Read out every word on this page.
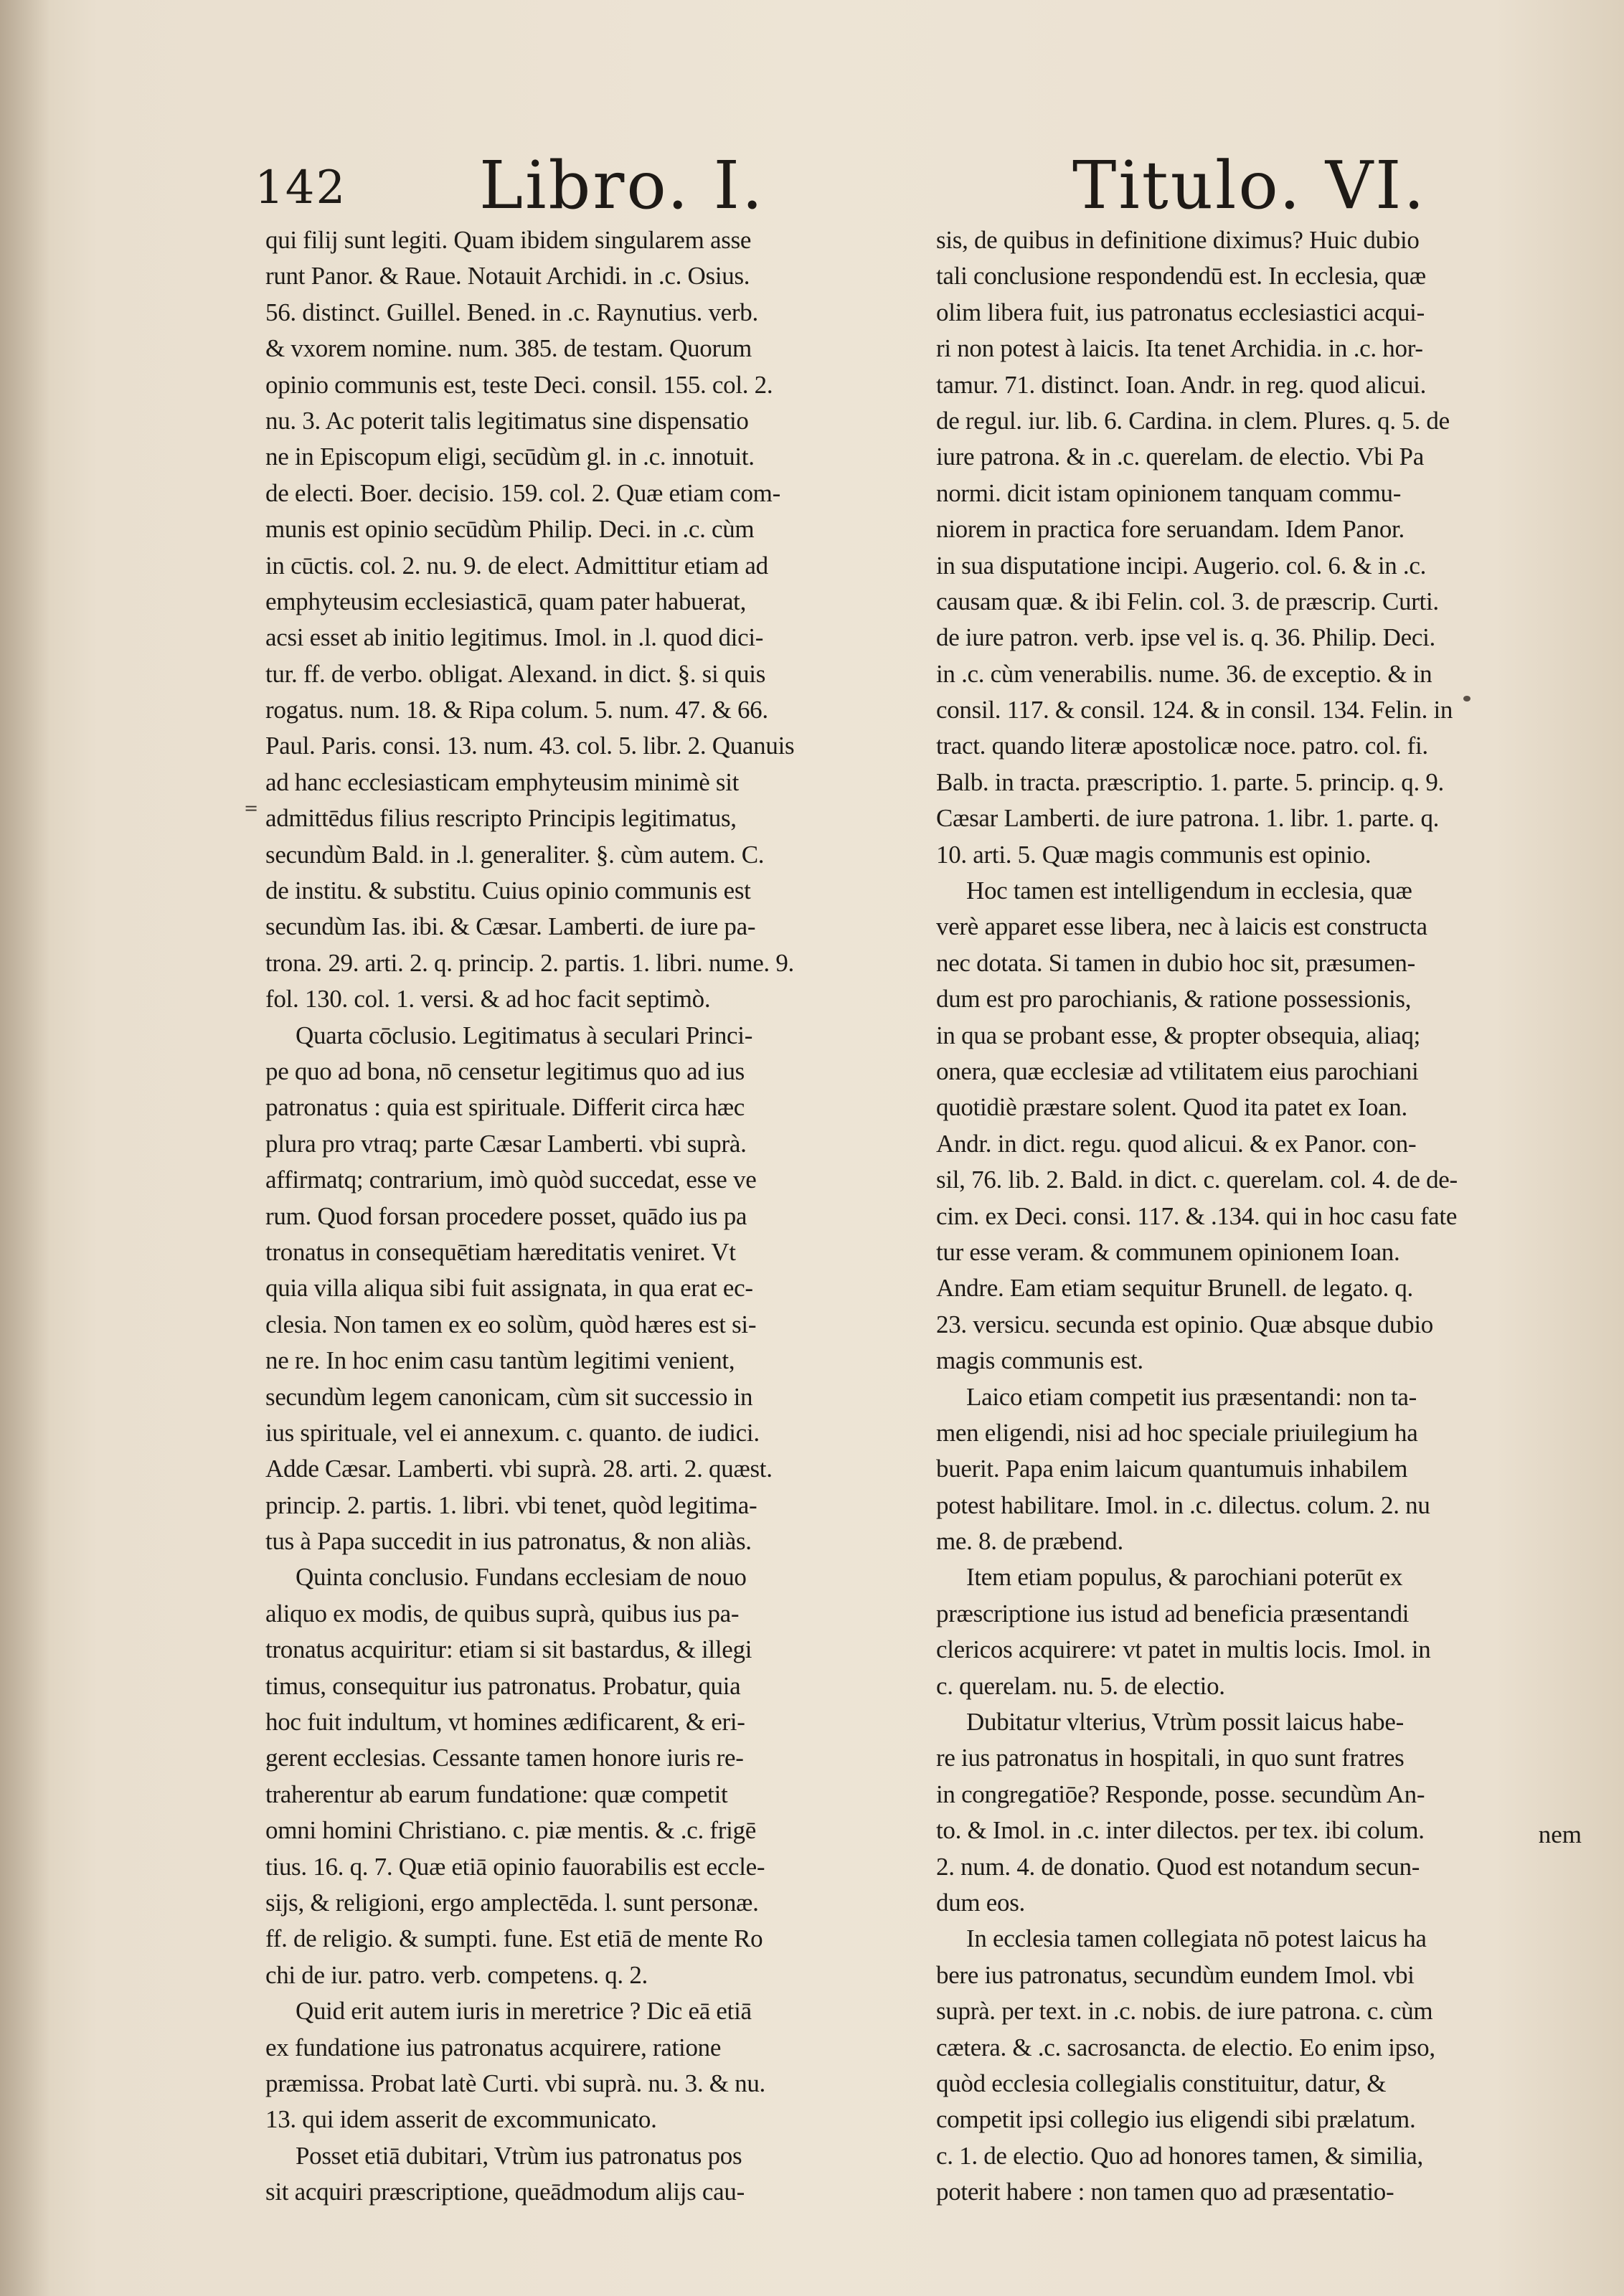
142 Libro. I.	Titulo. VI.
=
qui filij sunt legiti. Quam ibidem singularem asse
runt Panor. & Raue. Notauit Archidi. in .c. Osius.
56. distinct. Guillel. Bened. in .c. Raynutius. verb.
& vxorem nomine. num. 385. de testam. Quorum
opinio communis est, teste Deci. consil. 155. col. 2.
nu. 3. Ac poterit talis legitimatus sine dispensatio
ne in Episcopum eligi, secūdùm gl. in .c. innotuit.
de electi. Boer. decisio. 159. col. 2. Quæ etiam com-
munis est opinio secūdùm Philip. Deci. in .c. cùm
in cūctis. col. 2. nu. 9. de elect. Admittitur etiam ad
emphyteusim ecclesiasticā, quam pater habuerat,
acsi esset ab initio legitimus. Imol. in .l. quod dici-
tur. ff. de verbo. obligat. Alexand. in dict. §. si quis
rogatus. num. 18. & Ripa colum. 5. num. 47. & 66.
Paul. Paris. consi. 13. num. 43. col. 5. libr. 2. Quanuis
ad hanc ecclesiasticam emphyteusim minimè sit
admittēdus filius rescripto Principis legitimatus,
secundùm Bald. in .l. generaliter. §. cùm autem. C.
de institu. & substitu. Cuius opinio communis est
secundùm Ias. ibi. & Cæsar. Lamberti. de iure pa-
trona. 29. arti. 2. q. princip. 2. partis. 1. libri. nume. 9.
fol. 130. col. 1. versi. & ad hoc facit septimò.
Quarta cōclusio. Legitimatus à seculari Princi-
pe quo ad bona, nō censetur legitimus quo ad ius
patronatus : quia est spirituale. Differit circa hæc
plura pro vtraq; parte Cæsar Lamberti. vbi suprà.
affirmatq; contrarium, imò quòd succedat, esse ve
rum. Quod forsan procedere posset, quādo ius pa
tronatus in consequētiam hæreditatis veniret. Vt
quia villa aliqua sibi fuit assignata, in qua erat ec-
clesia. Non tamen ex eo solùm, quòd hæres est si-
ne re. In hoc enim casu tantùm legitimi venient,
secundùm legem canonicam, cùm sit successio in
ius spirituale, vel ei annexum. c. quanto. de iudici.
Adde Cæsar. Lamberti. vbi suprà. 28. arti. 2. quæst.
princip. 2. partis. 1. libri. vbi tenet, quòd legitima-
tus à Papa succedit in ius patronatus, & non aliàs.
Quinta conclusio. Fundans ecclesiam de nouo
aliquo ex modis, de quibus suprà, quibus ius pa-
tronatus acquiritur: etiam si sit bastardus, & illegi
timus, consequitur ius patronatus. Probatur, quia
hoc fuit indultum, vt homines ædificarent, & eri-
gerent ecclesias. Cessante tamen honore iuris re-
traherentur ab earum fundatione: quæ competit
omni homini Christiano. c. piæ mentis. & .c. frigē
tius. 16. q. 7. Quæ etiā opinio fauorabilis est eccle-
sijs, & religioni, ergo amplectēda. l. sunt personæ.
ff. de religio. & sumpti. fune. Est etiā de mente Ro
chi de iur. patro. verb. competens. q. 2.
Quid erit autem iuris in meretrice ? Dic eā etiā
ex fundatione ius patronatus acquirere, ratione
præmissa. Probat latè Curti. vbi suprà. nu. 3. & nu.
13. qui idem asserit de excommunicato.
Posset etiā dubitari, Vtrùm ius patronatus pos
sit acquiri præscriptione, queādmodum alijs cau-
sis, de quibus in definitione diximus? Huic dubio
tali conclusione respondendū est. In ecclesia, quæ
olim libera fuit, ius patronatus ecclesiastici acqui-
ri non potest à laicis. Ita tenet Archidia. in .c. hor-
tamur. 71. distinct. Ioan. Andr. in reg. quod alicui.
de regul. iur. lib. 6. Cardina. in clem. Plures. q. 5. de
iure patrona. & in .c. querelam. de electio. Vbi Pa
normi. dicit istam opinionem tanquam commu-
niorem in practica fore seruandam. Idem Panor.
in sua disputatione incipi. Augerio. col. 6. & in .c.
causam quæ. & ibi Felin. col. 3. de præscrip. Curti.
de iure patron. verb. ipse vel is. q. 36. Philip. Deci.
in .c. cùm venerabilis. nume. 36. de exceptio. & in
consil. 117. & consil. 124. & in consil. 134. Felin. in
tract. quando literæ apostolicæ noce. patro. col. fi.
Balb. in tracta. præscriptio. 1. parte. 5. princip. q. 9.
Cæsar Lamberti. de iure patrona. 1. libr. 1. parte. q.
10. arti. 5. Quæ magis communis est opinio.
Hoc tamen est intelligendum in ecclesia, quæ
verè apparet esse libera, nec à laicis est constructa
nec dotata. Si tamen in dubio hoc sit, præsumen-
dum est pro parochianis, & ratione possessionis,
in qua se probant esse, & propter obsequia, aliaq;
onera, quæ ecclesiæ ad vtilitatem eius parochiani
quotidiè præstare solent. Quod ita patet ex Ioan.
Andr. in dict. regu. quod alicui. & ex Panor. con-
sil, 76. lib. 2. Bald. in dict. c. querelam. col. 4. de de-
cim. ex Deci. consi. 117. & .134. qui in hoc casu fate
tur esse veram. & communem opinionem Ioan.
Andre. Eam etiam sequitur Brunell. de legato. q.
23. versicu. secunda est opinio. Quæ absque dubio
magis communis est.
Laico etiam competit ius præsentandi: non ta-
men eligendi, nisi ad hoc speciale priuilegium ha
buerit. Papa enim laicum quantumuis inhabilem
potest habilitare. Imol. in .c. dilectus. colum. 2. nu
me. 8. de præbend.
Item etiam populus, & parochiani poterūt ex
præscriptione ius istud ad beneficia præsentandi
clericos acquirere: vt patet in multis locis. Imol. in
c. querelam. nu. 5. de electio.
Dubitatur vlterius, Vtrùm possit laicus habe-
re ius patronatus in hospitali, in quo sunt fratres
in congregatiōe? Responde, posse. secundùm An-
to. & Imol. in .c. inter dilectos. per tex. ibi colum.
2. num. 4. de donatio. Quod est notandum secun-
dum eos.
In ecclesia tamen collegiata nō potest laicus ha
bere ius patronatus, secundùm eundem Imol. vbi
suprà. per text. in .c. nobis. de iure patrona. c. cùm
cætera. & .c. sacrosancta. de electio. Eo enim ipso,
quòd ecclesia collegialis constituitur, datur, &
competit ipsi collegio ius eligendi sibi prælatum.
c. 1. de electio. Quo ad honores tamen, & similia,
poterit habere : non tamen quo ad præsentatio-
nem
